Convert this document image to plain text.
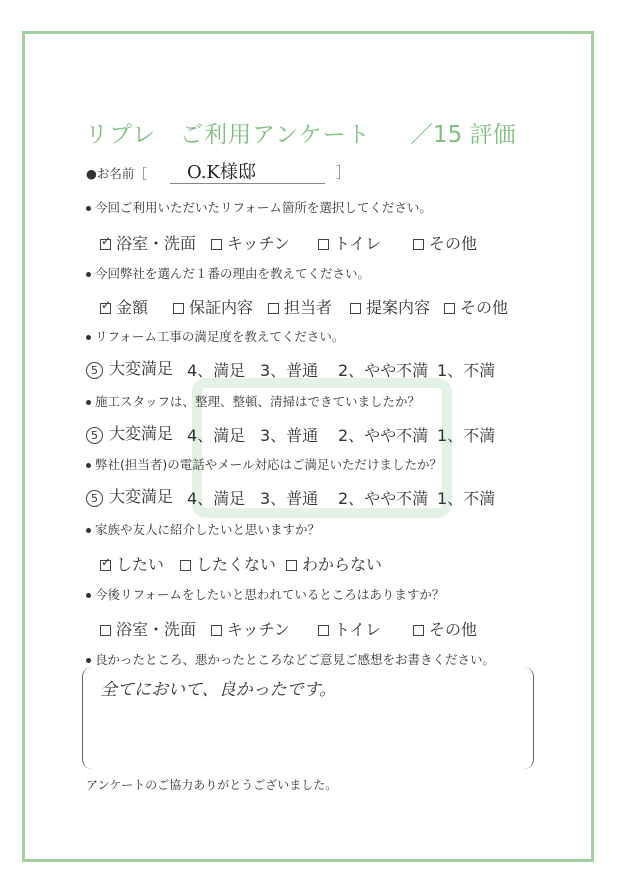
リプレ　ご利用アンケート ／15 評価
●お名前［ O.K様邸	］
今回ご利用いただいたリフォーム箇所を選択してください。
✓浴室・洗面	キッチン	トイレ	その他
今回弊社を選んだ１番の理由を教えてください。
✓金額	保証内容	担当者	提案内容	その他
リフォーム工事の満足度を教えてください。
5 大変満足 4、満足 3、普通 2、やや不満 1、不満
施工スタッフは、整理、整頓、清掃はできていましたか？
5 大変満足 4、満足 3、普通 2、やや不満 1、不満
弊社(担当者)の電話やメール対応はご満足いただけましたか？
5 大変満足 4、満足 3、普通 2、やや不満 1、不満
家族や友人に紹介したいと思いますか？
✓したい	したくない	わからない
今後リフォームをしたいと思われているところはありますか？
浴室・洗面	キッチン	トイレ	その他
良かったところ、悪かったところなどご意見ご感想をお書きください。
全てにおいて、良かったです。
アンケートのご協力ありがとうございました。
